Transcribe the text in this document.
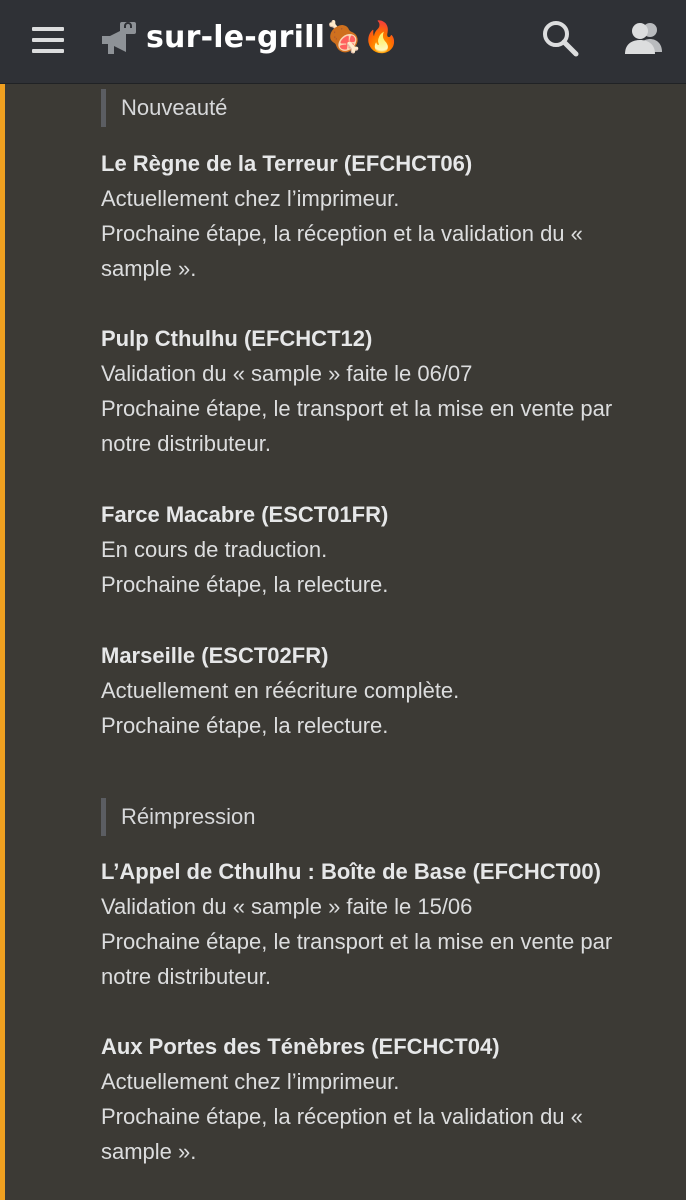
sur-le-grill🍖🔥
Nouveauté
Le Règne de la Terreur (EFCHCT06)
Actuellement chez l’imprimeur.
Prochaine étape, la réception et la validation du «
sample ».
Pulp Cthulhu (EFCHCT12)
Validation du « sample » faite le 06/07
Prochaine étape, le transport et la mise en vente par
notre distributeur.
Farce Macabre (ESCT01FR)
En cours de traduction.
Prochaine étape, la relecture.
Marseille (ESCT02FR)
Actuellement en réécriture complète.
Prochaine étape, la relecture.
Réimpression
L’Appel de Cthulhu : Boîte de Base (EFCHCT00)
Validation du « sample » faite le 15/06
Prochaine étape, le transport et la mise en vente par
notre distributeur.
Aux Portes des Ténèbres (EFCHCT04)
Actuellement chez l’imprimeur.
Prochaine étape, la réception et la validation du «
sample ».
